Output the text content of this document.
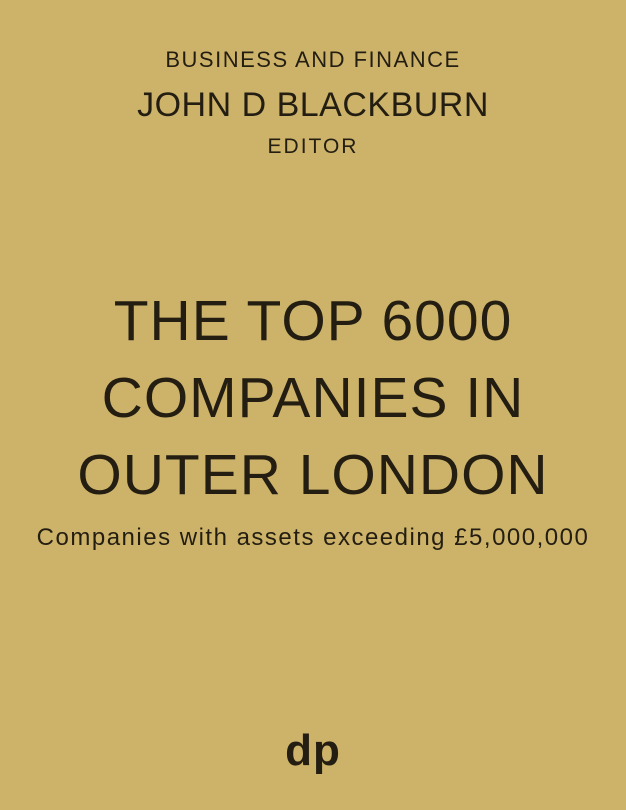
BUSINESS AND FINANCE
JOHN D BLACKBURN
EDITOR
THE TOP 6000
COMPANIES IN
OUTER LONDON
Companies with assets exceeding £5,000,000
dp
